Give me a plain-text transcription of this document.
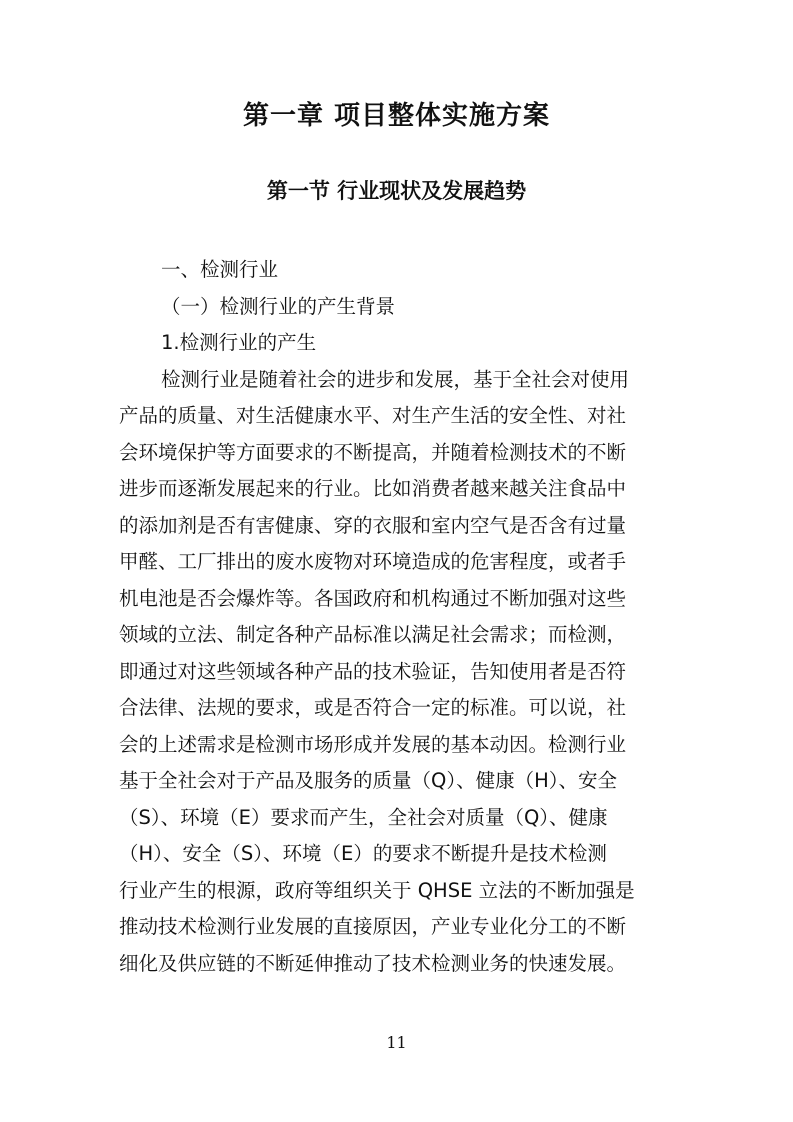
第一章 项目整体实施方案
第一节 行业现状及发展趋势

一、检测行业

（一）检测行业的产生背景

1.检测行业的产生

检测行业是随着社会的进步和发展，基于全社会对使用

产品的质量、对生活健康水平、对生产生活的安全性、对社

会环境保护等方面要求的不断提高，并随着检测技术的不断

进步而逐渐发展起来的行业。比如消费者越来越关注食品中

的添加剂是否有害健康、穿的衣服和室内空气是否含有过量

甲醛、工厂排出的废水废物对环境造成的危害程度，或者手

机电池是否会爆炸等。各国政府和机构通过不断加强对这些

领域的立法、制定各种产品标准以满足社会需求；而检测，

即通过对这些领域各种产品的技术验证，告知使用者是否符

合法律、法规的要求，或是否符合一定的标准。可以说，社

会的上述需求是检测市场形成并发展的基本动因。检测行业

基于全社会对于产品及服务的质量（Q）、健康（H）、安全

（S）、环境（E）要求而产生，全社会对质量（Q）、健康

（H）、安全（S）、环境（E）的要求不断提升是技术检测

行业产生的根源，政府等组织关于 QHSE 立法的不断加强是

推动技术检测行业发展的直接原因，产业专业化分工的不断

细化及供应链的不断延伸推动了技术检测业务的快速发展。

11
